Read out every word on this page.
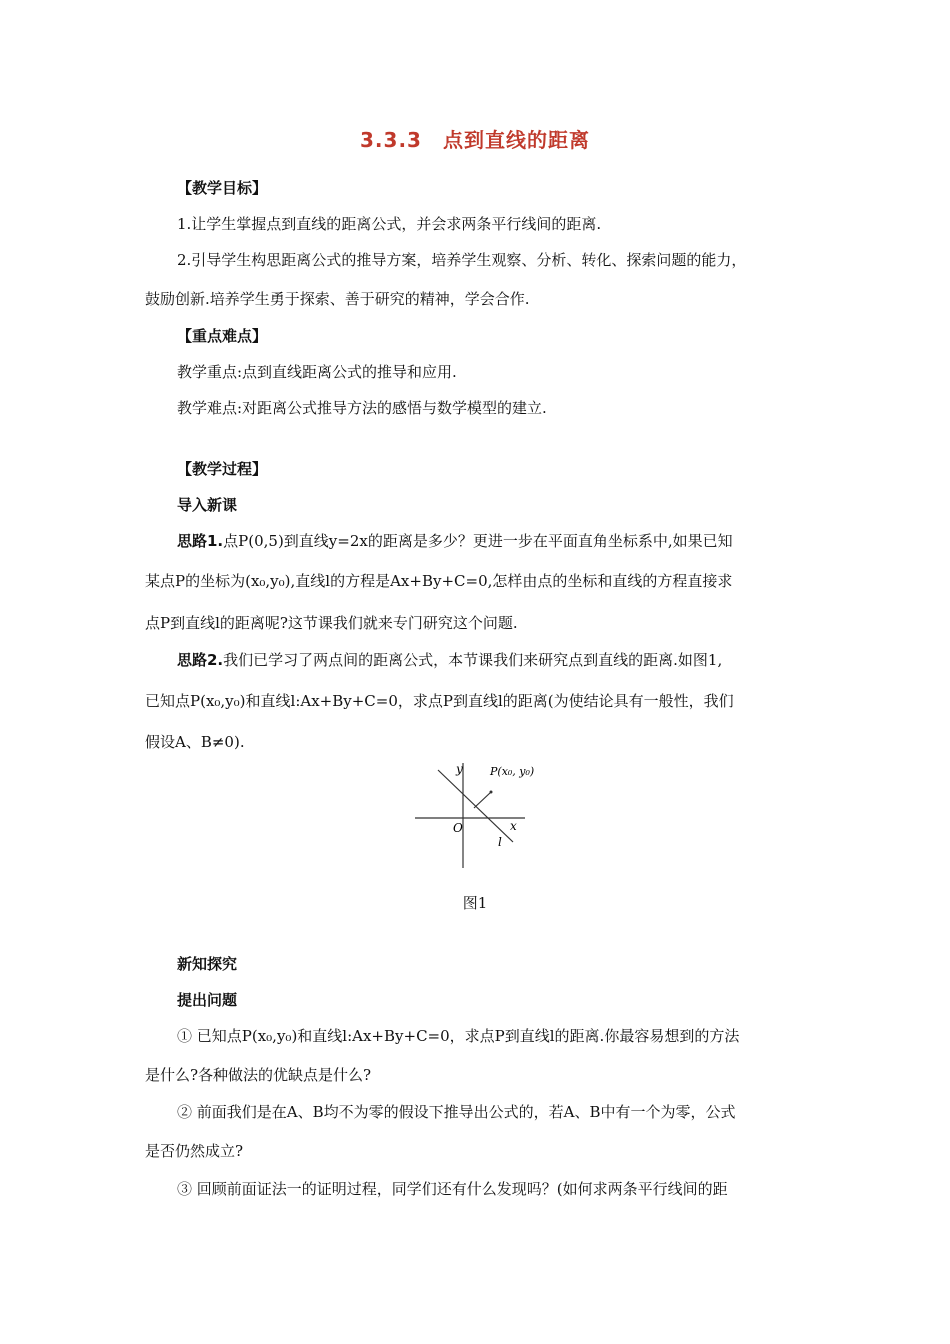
3.3.3　点到直线的距离
【教学目标】
1.让学生掌握点到直线的距离公式，并会求两条平行线间的距离.
2.引导学生构思距离公式的推导方案，培养学生观察、分析、转化、探索问题的能力，
鼓励创新.培养学生勇于探索、善于研究的精神，学会合作.
【重点难点】
教学重点:点到直线距离公式的推导和应用.
教学难点:对距离公式推导方法的感悟与数学模型的建立.
【教学过程】
导入新课
思路1.点P(0,5)到直线y=2x的距离是多少？更进一步在平面直角坐标系中,如果已知
某点P的坐标为(x₀,y₀),直线l的方程是Ax+By+C=0,怎样由点的坐标和直线的方程直接求
点P到直线l的距离呢?这节课我们就来专门研究这个问题.
思路2.我们已学习了两点间的距离公式，本节课我们来研究点到直线的距离.如图1,
已知点P(x₀,y₀)和直线l:Ax+By+C=0，求点P到直线l的距离(为使结论具有一般性，我们
假设A、B≠0).
y
x
O
l
P(x₀, y₀)
图1
新知探究
提出问题
① 已知点P(x₀,y₀)和直线l:Ax+By+C=0，求点P到直线l的距离.你最容易想到的方法
是什么?各种做法的优缺点是什么?
② 前面我们是在A、B均不为零的假设下推导出公式的，若A、B中有一个为零，公式
是否仍然成立?
③ 回顾前面证法一的证明过程，同学们还有什么发现吗？(如何求两条平行线间的距
